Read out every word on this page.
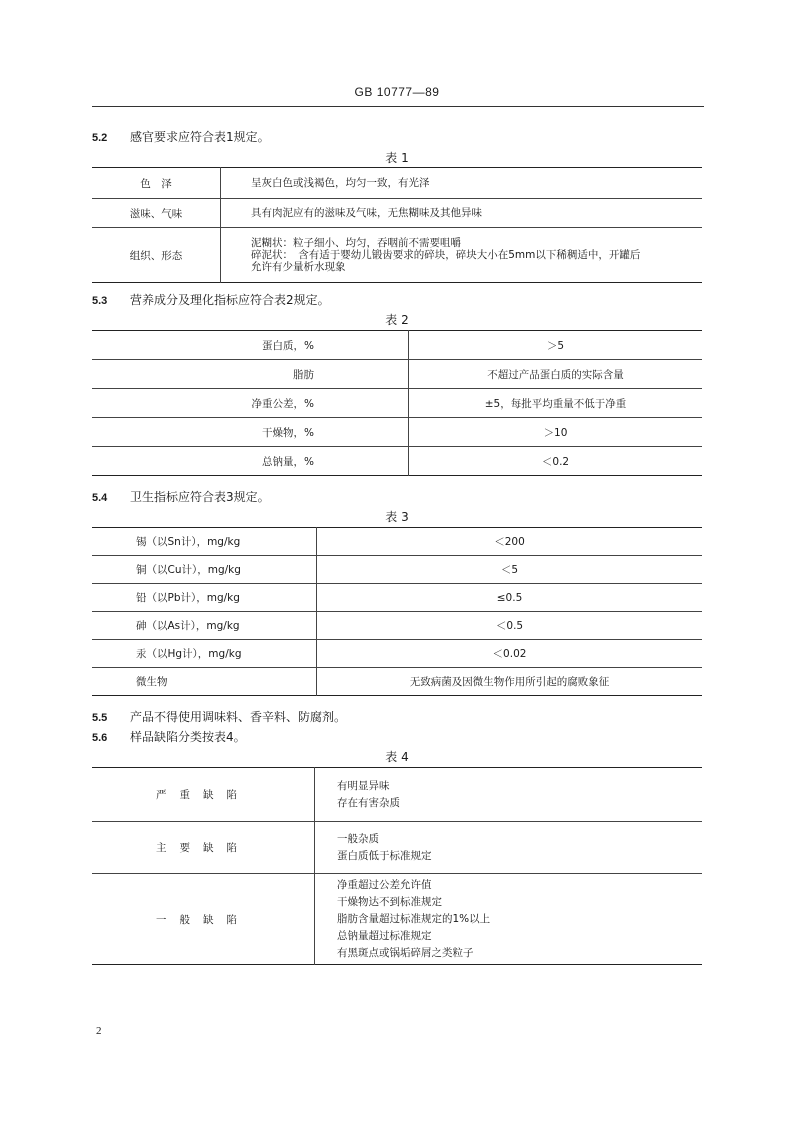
GB 10777—89
5.2 感官要求应符合表1规定。
表 1
色　泽	呈灰白色或浅褐色，均匀一致，有光泽

滋味、气味	具有肉泥应有的滋味及气味，无焦糊味及其他异味

组织、形态	泥糊状：粒子细小、均匀，吞咽前不需要咀嚼
碎泥状：　含有适于婴幼儿锻齿要求的碎块，碎块大小在5mm以下稀稠适中，开罐后
允许有少量析水现象
5.3 营养成分及理化指标应符合表2规定。
表 2
蛋白质，%	＞5
脂肪	不超过产品蛋白质的实际含量
净重公差，%	±5，每批平均重量不低于净重
干燥物，%	＞10
总钠量，%	＜0.2
5.4 卫生指标应符合表3规定。
表 3
锡（以Sn计），mg/kg	＜200
铜（以Cu计），mg/kg	＜5
铅（以Pb计），mg/kg	≤0.5
砷（以As计），mg/kg	＜0.5
汞（以Hg计），mg/kg	＜0.02
微生物	无致病菌及因微生物作用所引起的腐败象征
5.5 产品不得使用调味料、香辛料、防腐剂。
5.6 样品缺陷分类按表4。
表 4
严重缺陷	有明显异味
存在有害杂质

主要缺陷	一般杂质
蛋白质低于标准规定

一般缺陷	净重超过公差允许值
干燥物达不到标准规定
脂肪含量超过标准规定的1%以上
总钠量超过标准规定
有黑斑点或锅垢碎屑之类粒子
2
